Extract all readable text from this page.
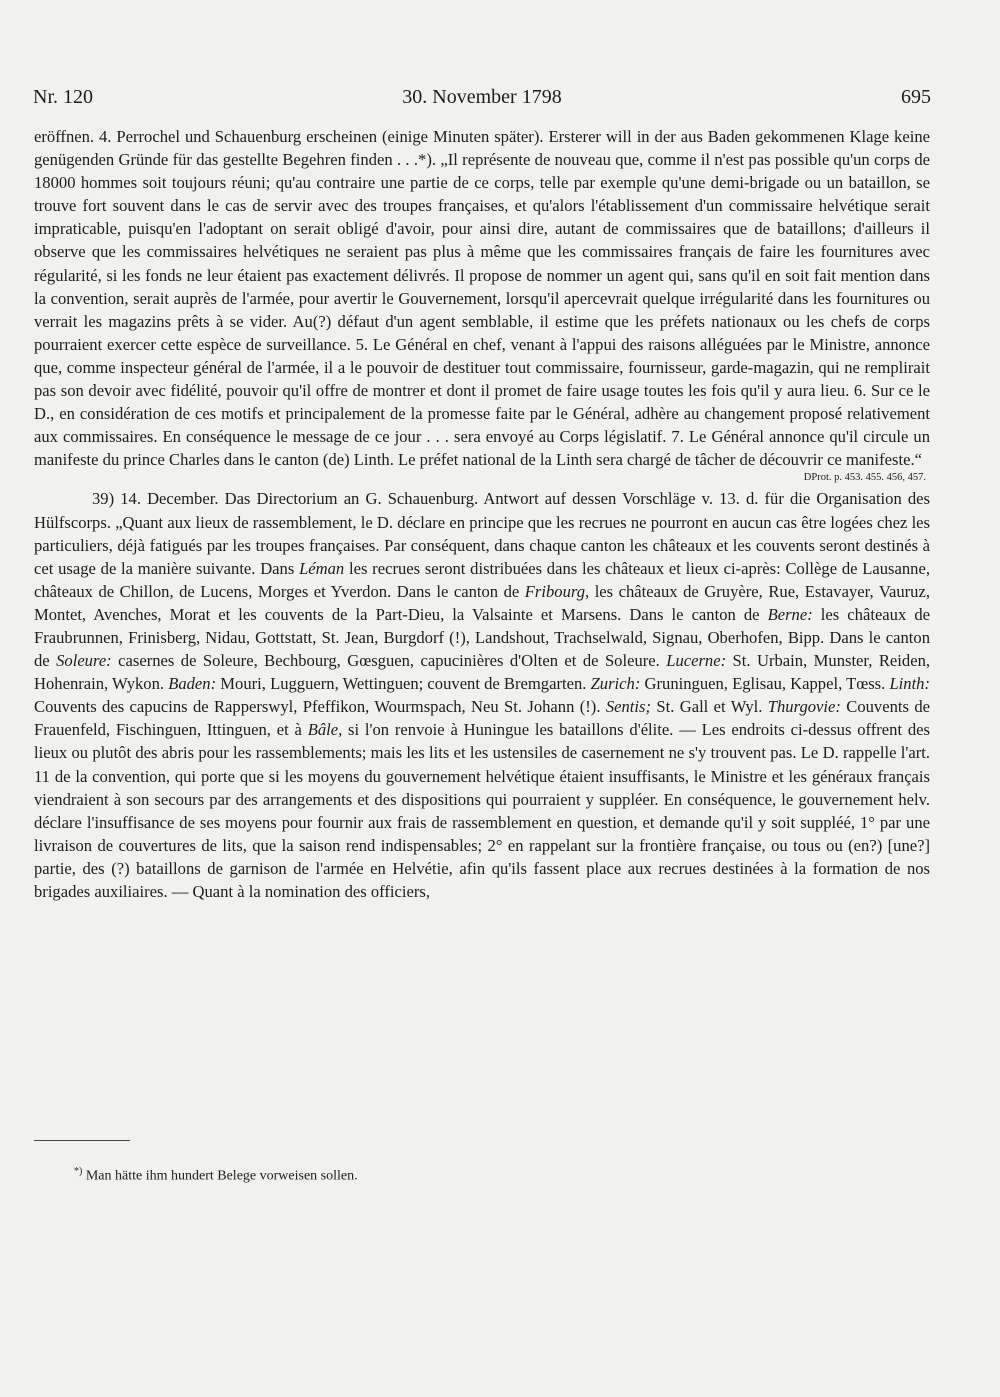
Nr. 120	30. November 1798	695

eröffnen. 4. Perrochel und Schauenburg erscheinen (einige Minuten später). Ersterer will in der aus Baden gekommenen Klage keine genügenden Gründe für das gestellte Begehren finden . . .*). „Il représente de nouveau que, comme il n'est pas possible qu'un corps de 18000 hommes soit toujours réuni; qu'au contraire une partie de ce corps, telle par exemple qu'une demi-brigade ou un bataillon, se trouve fort souvent dans le cas de servir avec des troupes françaises, et qu'alors l'établissement d'un commissaire helvétique serait impraticable, puisqu'en l'adoptant on serait obligé d'avoir, pour ainsi dire, autant de commissaires que de bataillons; d'ailleurs il observe que les commissaires helvétiques ne seraient pas plus à même que les commissaires français de faire les fournitures avec régularité, si les fonds ne leur étaient pas exactement délivrés. Il propose de nommer un agent qui, sans qu'il en soit fait mention dans la convention, serait auprès de l'armée, pour avertir le Gouvernement, lorsqu'il apercevrait quelque irrégularité dans les fournitures ou verrait les magazins prêts à se vider. Au(?) défaut d'un agent semblable, il estime que les préfets nationaux ou les chefs de corps pourraient exercer cette espèce de surveillance. 5. Le Général en chef, venant à l'appui des raisons alléguées par le Ministre, annonce que, comme inspecteur général de l'armée, il a le pouvoir de destituer tout commissaire, fournisseur, garde-magazin, qui ne remplirait pas son devoir avec fidélité, pouvoir qu'il offre de montrer et dont il promet de faire usage toutes les fois qu'il y aura lieu. 6. Sur ce le D., en considération de ces motifs et principalement de la promesse faite par le Général, adhère au changement proposé relativement aux commissaires. En conséquence le message de ce jour . . . sera envoyé au Corps législatif. 7. Le Général annonce qu'il circule un manifeste du prince Charles dans le canton (de) Linth. Le préfet national de la Linth sera chargé de tâcher de découvrir ce manifeste.“

DProt. p. 453. 455. 456, 457.

39) 14. December. Das Directorium an G. Schauenburg. Antwort auf dessen Vorschläge v. 13. d. für die Organisation des Hülfscorps. „Quant aux lieux de rassemblement, le D. déclare en principe que les recrues ne pourront en aucun cas être logées chez les particuliers, déjà fatigués par les troupes françaises. Par conséquent, dans chaque canton les châteaux et les couvents seront destinés à cet usage de la manière suivante. Dans Léman les recrues seront distribuées dans les châteaux et lieux ci-après: Collège de Lausanne, châteaux de Chillon, de Lucens, Morges et Yverdon. Dans le canton de Fribourg, les châteaux de Gruyère, Rue, Estavayer, Vauruz, Montet, Avenches, Morat et les couvents de la Part-Dieu, la Valsainte et Marsens. Dans le canton de Berne: les châteaux de Fraubrunnen, Frinisberg, Nidau, Gottstatt, St. Jean, Burgdorf (!), Landshout, Trachselwald, Signau, Oberhofen, Bipp. Dans le canton de Soleure: casernes de Soleure, Bechbourg, Gœsguen, capucinières d'Olten et de Soleure. Lucerne: St. Urbain, Munster, Reiden, Hohenrain, Wykon. Baden: Mouri, Lugguern, Wettinguen; couvent de Bremgarten. Zurich: Gruninguen, Eglisau, Kappel, Tœss. Linth: Couvents des capucins de Rapperswyl, Pfeffikon, Wourmspach, Neu St. Johann (!). Sentis; St. Gall et Wyl. Thurgovie: Couvents de Frauenfeld, Fischinguen, Ittinguen, et à Bâle, si l'on renvoie à Huningue les bataillons d'élite. — Les endroits ci-dessus offrent des lieux ou plutôt des abris pour les rassemblements; mais les lits et les ustensiles de casernement ne s'y trouvent pas. Le D. rappelle l'art. 11 de la convention, qui porte que si les moyens du gouvernement helvétique étaient insuffisants, le Ministre et les généraux français viendraient à son secours par des arrangements et des dispositions qui pourraient y suppléer. En conséquence, le gouvernement helv. déclare l'insuffisance de ses moyens pour fournir aux frais de rassemblement en question, et demande qu'il y soit suppléé, 1° par une livraison de couvertures de lits, que la saison rend indispensables; 2° en rappelant sur la frontière française, ou tous ou (en?) [une?] partie, des (?) bataillons de garnison de l'armée en Helvétie, afin qu'ils fassent place aux recrues destinées à la formation de nos brigades auxiliaires. — Quant à la nomination des officiers,

*) Man hätte ihm hundert Belege vorweisen sollen.
